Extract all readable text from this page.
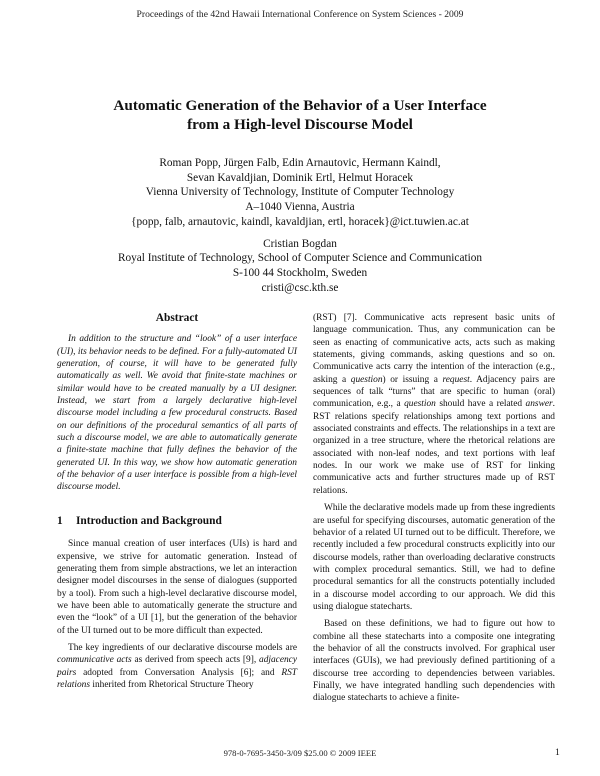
Proceedings of the 42nd Hawaii International Conference on System Sciences - 2009
Automatic Generation of the Behavior of a User Interface
from a High-level Discourse Model
Roman Popp, Jürgen Falb, Edin Arnautovic, Hermann Kaindl,
Sevan Kavaldjian, Dominik Ertl, Helmut Horacek
Vienna University of Technology, Institute of Computer Technology
A–1040 Vienna, Austria
{popp, falb, arnautovic, kaindl, kavaldjian, ertl, horacek}@ict.tuwien.ac.at
Cristian Bogdan
Royal Institute of Technology, School of Computer Science and Communication
S-100 44 Stockholm, Sweden
cristi@csc.kth.se
Abstract

In addition to the structure and “look” of a user interface (UI), its behavior needs to be defined. For a fully-automated UI generation, of course, it will have to be generated fully automatically as well. We avoid that finite-state machines or similar would have to be created manually by a UI designer. Instead, we start from a largely declarative high-level discourse model including a few procedural constructs. Based on our definitions of the procedural semantics of all parts of such a discourse model, we are able to automatically generate a finite-state machine that fully defines the behavior of the generated UI. In this way, we show how automatic generation of the behavior of a user interface is possible from a high-level discourse model.

1 Introduction and Background

Since manual creation of user interfaces (UIs) is hard and expensive, we strive for automatic generation. Instead of generating them from simple abstractions, we let an interaction designer model discourses in the sense of dialogues (supported by a tool). From such a high-level declarative discourse model, we have been able to automatically generate the structure and even the “look” of a UI [1], but the generation of the behavior of the UI turned out to be more difficult than expected.

The key ingredients of our declarative discourse models are communicative acts as derived from speech acts [9], adjacency pairs adopted from Conversation Analysis [6]; and RST relations inherited from Rhetorical Structure Theory

(RST) [7]. Communicative acts represent basic units of language communication. Thus, any communication can be seen as enacting of communicative acts, acts such as making statements, giving commands, asking questions and so on. Communicative acts carry the intention of the interaction (e.g., asking a question) or issuing a request. Adjacency pairs are sequences of talk “turns” that are specific to human (oral) communication, e.g., a question should have a related answer. RST relations specify relationships among text portions and associated constraints and effects. The relationships in a text are organized in a tree structure, where the rhetorical relations are associated with non-leaf nodes, and text portions with leaf nodes. In our work we make use of RST for linking communicative acts and further structures made up of RST relations.

While the declarative models made up from these ingredients are useful for specifying discourses, automatic generation of the behavior of a related UI turned out to be difficult. Therefore, we recently included a few procedural constructs explicitly into our discourse models, rather than overloading declarative constructs with complex procedural semantics. Still, we had to define procedural semantics for all the constructs potentially included in a discourse model according to our approach. We did this using dialogue statecharts.

Based on these definitions, we had to figure out how to combine all these statecharts into a composite one integrating the behavior of all the constructs involved. For graphical user interfaces (GUIs), we had previously defined partitioning of a discourse tree according to dependencies between variables. Finally, we have integrated handling such dependencies with dialogue statecharts to achieve a finite-

978-0-7695-3450-3/09 $25.00 © 2009 IEEE	1
